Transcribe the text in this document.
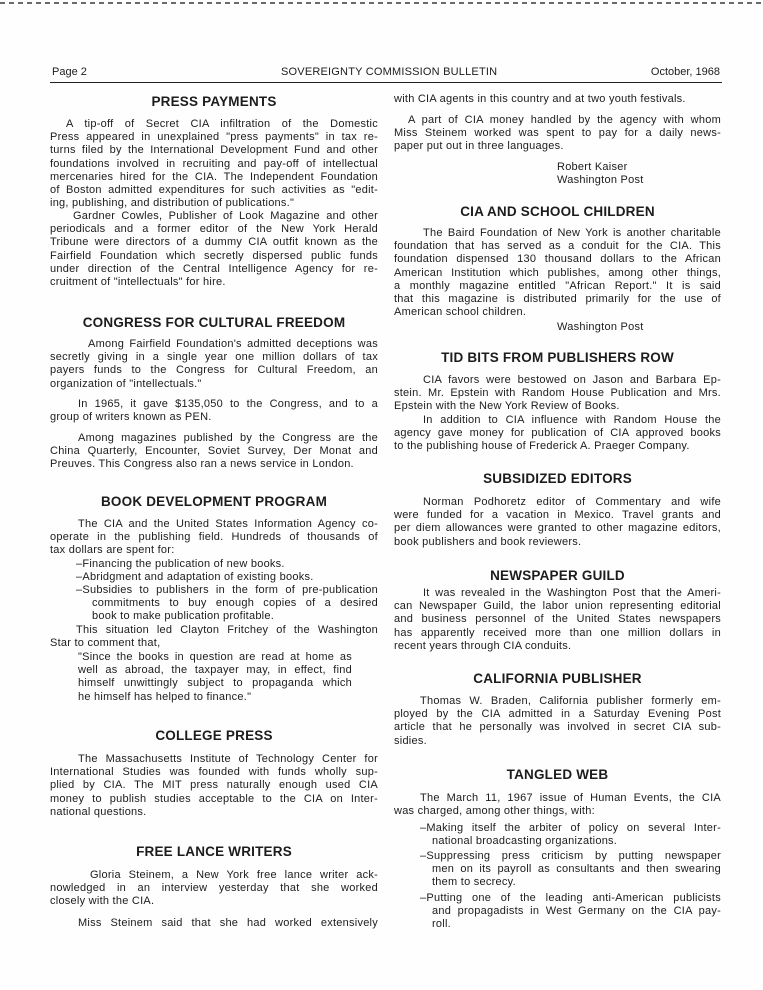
Page 2	SOVEREIGNTY COMMISSION BULLETIN	October, 1968
PRESS PAYMENTS
A tip-off of Secret CIA infiltration of the Domestic
Press appeared in unexplained "press payments" in tax re-
turns filed by the International Development Fund and other
foundations involved in recruiting and pay-off of intellectual
mercenaries hired for the CIA. The Independent Foundation
of Boston admitted expenditures for such activities as "edit-
ing, publishing, and distribution of publications."
Gardner Cowles, Publisher of Look Magazine and other
periodicals and a former editor of the New York Herald
Tribune were directors of a dummy CIA outfit known as the
Fairfield Foundation which secretly dispersed public funds
under direction of the Central Intelligence Agency for re-
cruitment of "intellectuals" for hire.
CONGRESS FOR CULTURAL FREEDOM
Among Fairfield Foundation's admitted deceptions was
secretly giving in a single year one million dollars of tax
payers funds to the Congress for Cultural Freedom, an
organization of "intellectuals."
In 1965, it gave $135,050 to the Congress, and to a
group of writers known as PEN.
Among magazines published by the Congress are the
China Quarterly, Encounter, Soviet Survey, Der Monat and
Preuves. This Congress also ran a news service in London.
BOOK DEVELOPMENT PROGRAM
The CIA and the United States Information Agency co-
operate in the publishing field. Hundreds of thousands of
tax dollars are spent for:
–Financing the publication of new books.
–Abridgment and adaptation of existing books.
–Subsidies to publishers in the form of pre-publication
commitments to buy enough copies of a desired
book to make publication profitable.
This situation led Clayton Fritchey of the Washington
Star to comment that,
"Since the books in question are read at home as
well as abroad, the taxpayer may, in effect, find
himself unwittingly subject to propaganda which
he himself has helped to finance."
COLLEGE PRESS
The Massachusetts Institute of Technology Center for
International Studies was founded with funds wholly sup-
plied by CIA. The MIT press naturally enough used CIA
money to publish studies acceptable to the CIA on Inter-
national questions.
FREE LANCE WRITERS
Gloria Steinem, a New York free lance writer ack-
nowledged in an interview yesterday that she worked
closely with the CIA.
Miss Steinem said that she had worked extensively
with CIA agents in this country and at two youth festivals.
A part of CIA money handled by the agency with whom
Miss Steinem worked was spent to pay for a daily news-
paper put out in three languages.
Robert Kaiser
Washington Post
CIA AND SCHOOL CHILDREN
The Baird Foundation of New York is another charitable
foundation that has served as a conduit for the CIA. This
foundation dispensed 130 thousand dollars to the African
American Institution which publishes, among other things,
a monthly magazine entitled "African Report." It is said
that this magazine is distributed primarily for the use of
American school children.
Washington Post
TID BITS FROM PUBLISHERS ROW
CIA favors were bestowed on Jason and Barbara Ep-
stein. Mr. Epstein with Random House Publication and Mrs.
Epstein with the New York Review of Books.
In addition to CIA influence with Random House the
agency gave money for publication of CIA approved books
to the publishing house of Frederick A. Praeger Company.
SUBSIDIZED EDITORS
Norman Podhoretz editor of Commentary and wife
were funded for a vacation in Mexico. Travel grants and
per diem allowances were granted to other magazine editors,
book publishers and book reviewers.
NEWSPAPER GUILD
It was revealed in the Washington Post that the Ameri-
can Newspaper Guild, the labor union representing editorial
and business personnel of the United States newspapers
has apparently received more than one million dollars in
recent years through CIA conduits.
CALIFORNIA PUBLISHER
Thomas W. Braden, California publisher formerly em-
ployed by the CIA admitted in a Saturday Evening Post
article that he personally was involved in secret CIA sub-
sidies.
TANGLED WEB
The March 11, 1967 issue of Human Events, the CIA
was charged, among other things, with:
–Making itself the arbiter of policy on several Inter-
national broadcasting organizations.
–Suppressing press criticism by putting newspaper
men on its payroll as consultants and then swearing
them to secrecy.
–Putting one of the leading anti-American publicists
and propagadists in West Germany on the CIA pay-
roll.
